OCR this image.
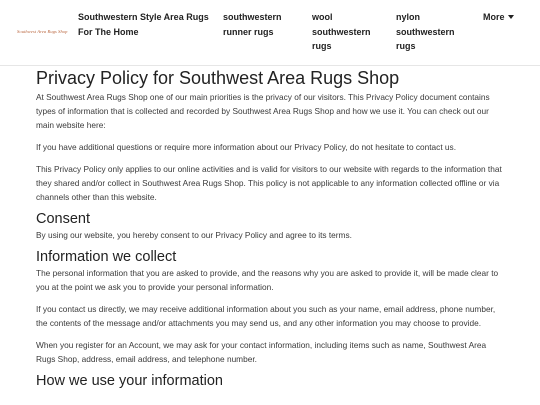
Southwest Area Rugs Shop
Southwestern Style Area Rugs For The Home
southwestern runner rugs
wool southwestern rugs
nylon southwestern rugs
More
Privacy Policy for Southwest Area Rugs Shop

At Southwest Area Rugs Shop one of our main priorities is the privacy of our visitors. This Privacy Policy document contains types of information that is collected and recorded by Southwest Area Rugs Shop and how we use it. You can check out our main website here:

If you have additional questions or require more information about our Privacy Policy, do not hesitate to contact us.

This Privacy Policy only applies to our online activities and is valid for visitors to our website with regards to the information that they shared and/or collect in Southwest Area Rugs Shop. This policy is not applicable to any information collected offline or via channels other than this website.

Consent

By using our website, you hereby consent to our Privacy Policy and agree to its terms.

Information we collect

The personal information that you are asked to provide, and the reasons why you are asked to provide it, will be made clear to you at the point we ask you to provide your personal information.

If you contact us directly, we may receive additional information about you such as your name, email address, phone number, the contents of the message and/or attachments you may send us, and any other information you may choose to provide.

When you register for an Account, we may ask for your contact information, including items such as name, Southwest Area Rugs Shop, address, email address, and telephone number.

How we use your information
